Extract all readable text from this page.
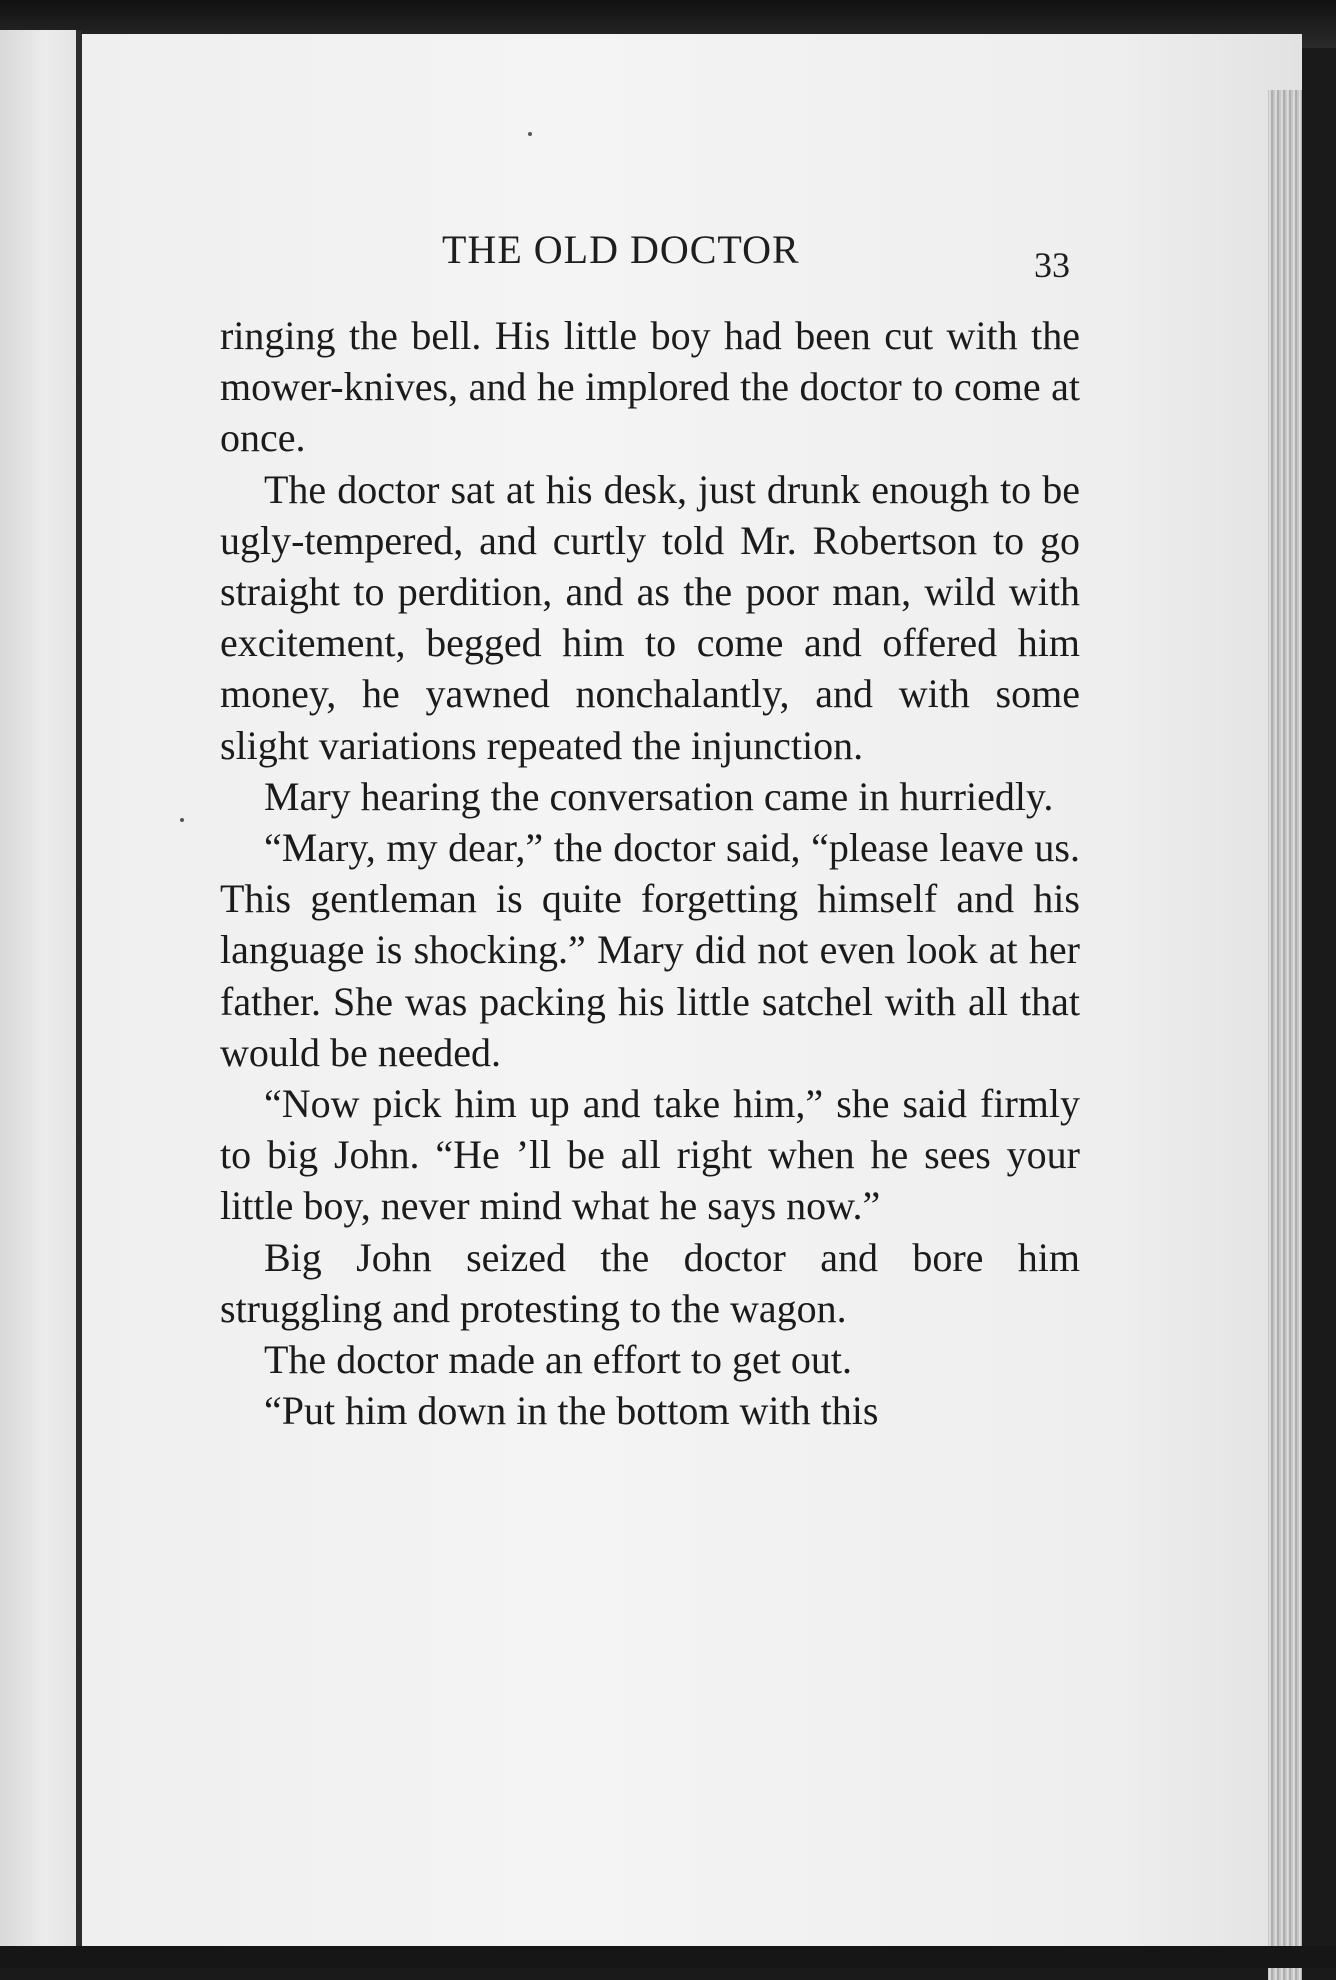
THE OLD DOCTOR	33

ringing the bell. His little boy had been cut with the mower-knives, and he implored the doctor to come at once.

The doctor sat at his desk, just drunk enough to be ugly-tempered, and curtly told Mr. Robertson to go straight to perdition, and as the poor man, wild with excitement, begged him to come and offered him money, he yawned nonchalantly, and with some slight variations repeated the injunction.

Mary hearing the conversation came in hurriedly.

“Mary, my dear,” the doctor said, “please leave us. This gentleman is quite forgetting himself and his language is shocking.” Mary did not even look at her father. She was packing his little satchel with all that would be needed.

“Now pick him up and take him,” she said firmly to big John. “He ’ll be all right when he sees your little boy, never mind what he says now.”

Big John seized the doctor and bore him struggling and protesting to the wagon.

The doctor made an effort to get out.

“Put him down in the bottom with this
